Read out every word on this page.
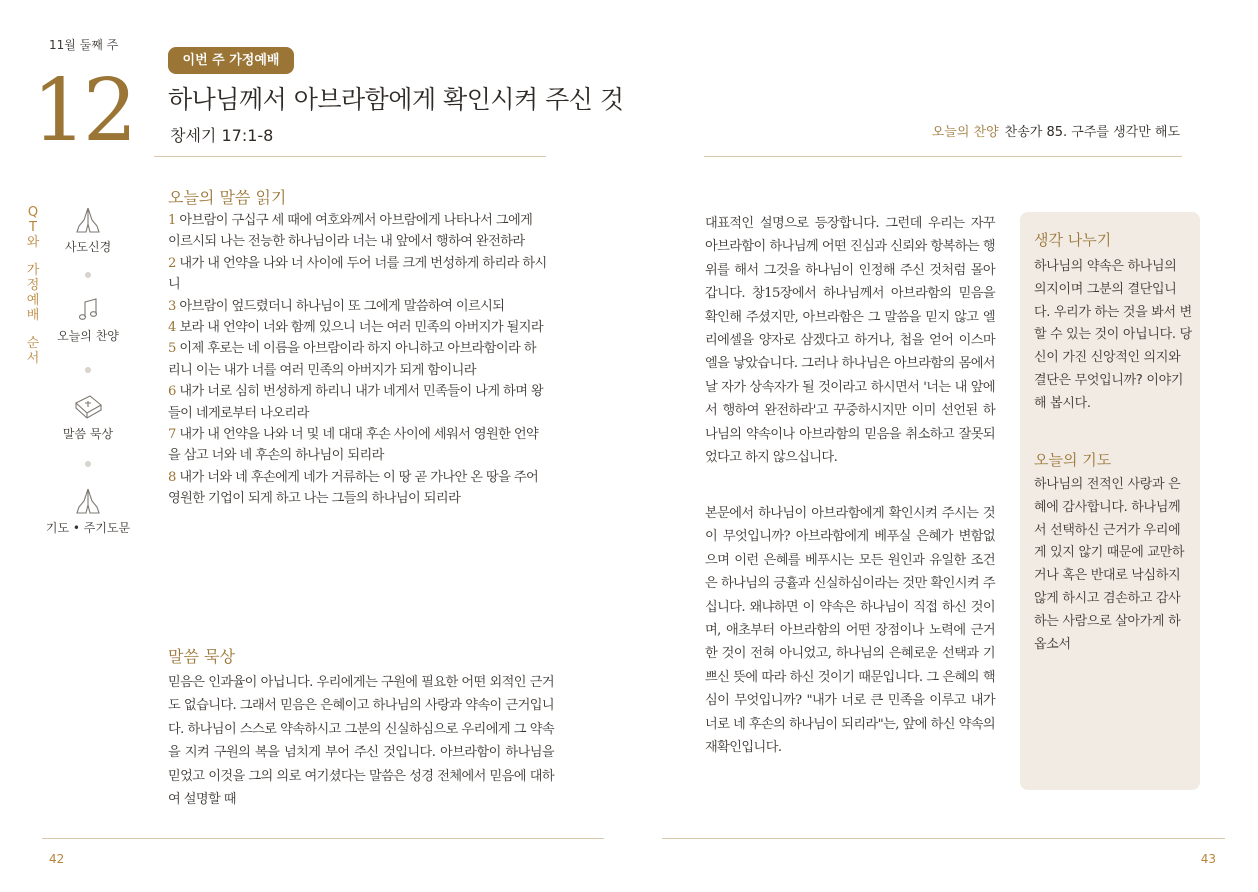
11월 둘째 주
12
이번 주 가정예배
하나님께서 아브라함에게 확인시켜 주신 것
창세기 17:1-8	오늘의 찬양 찬송가 85. 구주를 생각만 해도
Q
T
와
가
정
예
배
순
서
사도신경
오늘의 찬양
말씀 묵상
기도 • 주기도문
오늘의 말씀 읽기
1 아브람이 구십구 세 때에 여호와께서 아브람에게 나타나서 그에게 이르시되 나는 전능한 하나님이라 너는 내 앞에서 행하여 완전하라
2 내가 내 언약을 나와 너 사이에 두어 너를 크게 번성하게 하리라 하시니
3 아브람이 엎드렸더니 하나님이 또 그에게 말씀하여 이르시되
4 보라 내 언약이 너와 함께 있으니 너는 여러 민족의 아버지가 될지라
5 이제 후로는 네 이름을 아브람이라 하지 아니하고 아브라함이라 하리니 이는 내가 너를 여러 민족의 아버지가 되게 함이니라
6 내가 너로 심히 번성하게 하리니 내가 네게서 민족들이 나게 하며 왕들이 네게로부터 나오리라
7 내가 내 언약을 나와 너 및 네 대대 후손 사이에 세워서 영원한 언약을 삼고 너와 네 후손의 하나님이 되리라
8 내가 너와 네 후손에게 네가 거류하는 이 땅 곧 가나안 온 땅을 주어 영원한 기업이 되게 하고 나는 그들의 하나님이 되리라
말씀 묵상
믿음은 인과율이 아닙니다. 우리에게는 구원에 필요한 어떤 외적인 근거도 없습니다. 그래서 믿음은 은혜이고 하나님의 사랑과 약속이 근거입니다. 하나님이 스스로 약속하시고 그분의 신실하심으로 우리에게 그 약속을 지켜 구원의 복을 넘치게 부어 주신 것입니다. 아브라함이 하나님을 믿었고 이것을 그의 의로 여기셨다는 말씀은 성경 전체에서 믿음에 대하여 설명할 때
대표적인 설명으로 등장합니다. 그런데 우리는 자꾸 아브라함이 하나님께 어떤 진심과 신뢰와 항복하는 행위를 해서 그것을 하나님이 인정해 주신 것처럼 몰아갑니다. 창15장에서 하나님께서 아브라함의 믿음을 확인해 주셨지만, 아브라함은 그 말씀을 믿지 않고 엘리에셀을 양자로 삼겠다고 하거나, 첩을 얻어 이스마엘을 낳았습니다. 그러나 하나님은 아브라함의 몸에서 날 자가 상속자가 될 것이라고 하시면서 '너는 내 앞에서 행하여 완전하라'고 꾸중하시지만 이미 선언된 하나님의 약속이나 아브라함의 믿음을 취소하고 잘못되었다고 하지 않으십니다.
본문에서 하나님이 아브라함에게 확인시켜 주시는 것이 무엇입니까? 아브라함에게 베푸실 은혜가 변함없으며 이런 은혜를 베푸시는 모든 원인과 유일한 조건은 하나님의 긍휼과 신실하심이라는 것만 확인시켜 주십니다. 왜냐하면 이 약속은 하나님이 직접 하신 것이며, 애초부터 아브라함의 어떤 장점이나 노력에 근거한 것이 전혀 아니었고, 하나님의 은혜로운 선택과 기쁘신 뜻에 따라 하신 것이기 때문입니다. 그 은혜의 핵심이 무엇입니까? "내가 너로 큰 민족을 이루고 내가 너로 네 후손의 하나님이 되리라"는, 앞에 하신 약속의 재확인입니다.
생각 나누기
하나님의 약속은 하나님의 의지이며 그분의 결단입니다. 우리가 하는 것을 봐서 변할 수 있는 것이 아닙니다. 당신이 가진 신앙적인 의지와 결단은 무엇입니까? 이야기해 봅시다.
오늘의 기도
하나님의 전적인 사랑과 은혜에 감사합니다. 하나님께서 선택하신 근거가 우리에게 있지 않기 때문에 교만하거나 혹은 반대로 낙심하지 않게 하시고 겸손하고 감사하는 사람으로 살아가게 하옵소서
42	43
